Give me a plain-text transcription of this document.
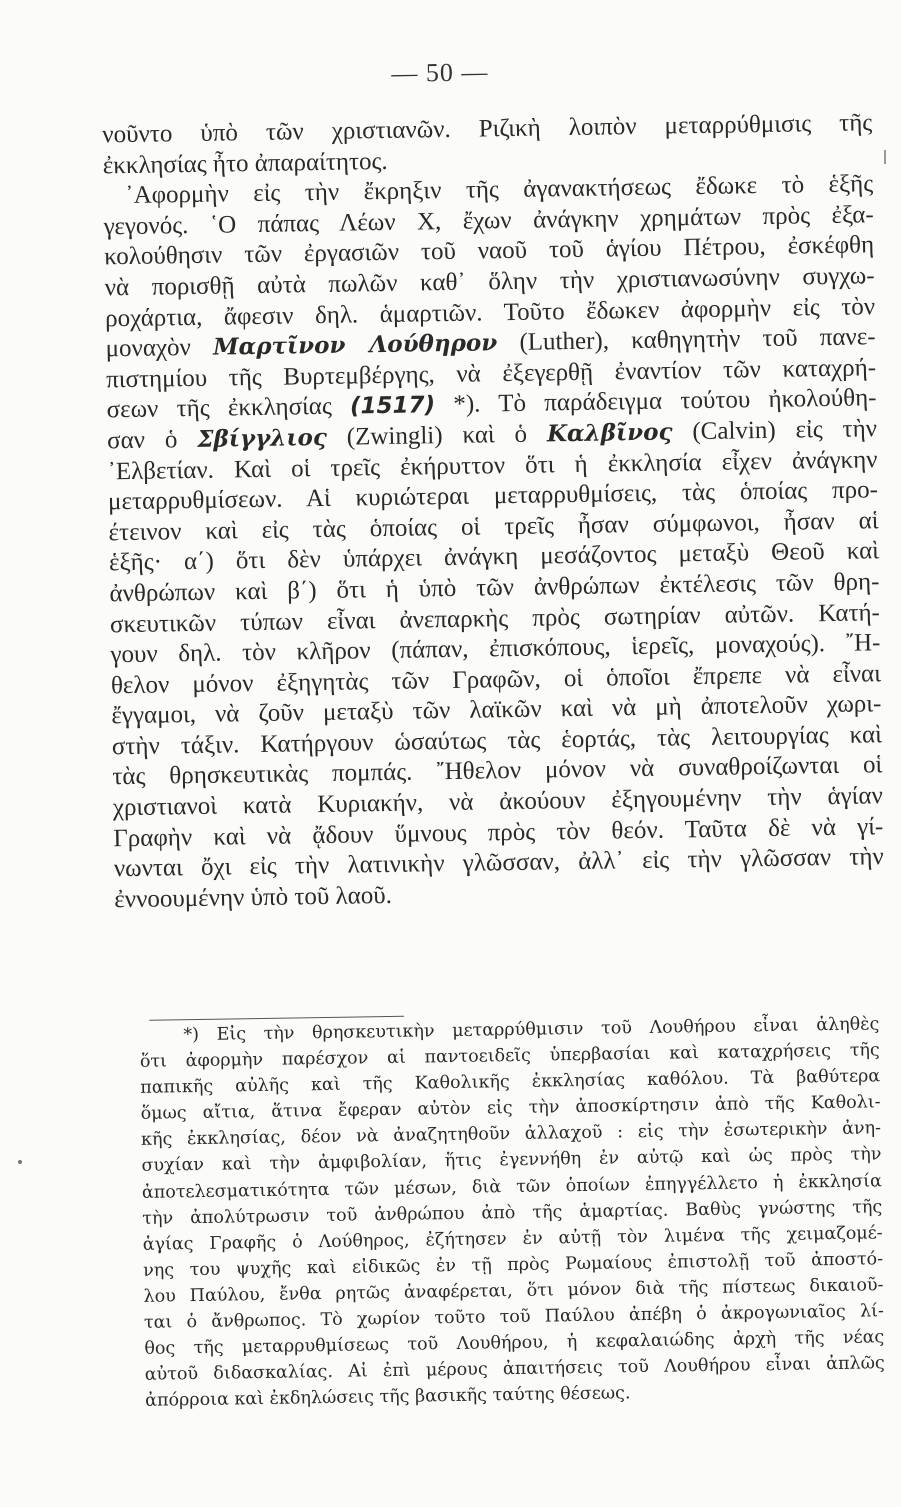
— 50 —
νοῦντο ὑπὸ τῶν χριστιανῶν. Ριζικὴ λοιπὸν μεταρρύθμισις τῆς
ἐκκλησίας ἦτο ἀπαραίτητος.
᾿Αφορμὴν εἰς τὴν ἔκρηξιν τῆς ἀγανακτήσεως ἔδωκε τὸ ἑξῆς
γεγονός. ῾Ο πάπας Λέων Χ, ἔχων ἀνάγκην χρημάτων πρὸς ἐξα-
κολούθησιν τῶν ἐργασιῶν τοῦ ναοῦ τοῦ ἁγίου Πέτρου, ἐσκέφθη
νὰ πορισθῇ αὐτὰ πωλῶν καθ᾿ ὅλην τὴν χριστιανωσύνην συγχω-
ροχάρτια, ἄφεσιν δηλ. ἁμαρτιῶν. Τοῦτο ἔδωκεν ἀφορμὴν εἰς τὸν
μοναχὸν Μαρτῖνον Λούθηρον (Luther), καθηγητὴν τοῦ πανε-
πιστημίου τῆς Βυρτεμβέργης, νὰ ἐξεγερθῇ ἐναντίον τῶν καταχρή-
σεων τῆς ἐκκλησίας (1517) *). Τὸ παράδειγμα τούτου ἠκολούθη-
σαν ὁ Σβίγγλιος (Zwingli) καὶ ὁ Καλβῖνος (Calvin) εἰς τὴν
᾿Ελβετίαν. Καὶ οἱ τρεῖς ἐκήρυττον ὅτι ἡ ἐκκλησία εἶχεν ἀνάγκην
μεταρρυθμίσεων. Αἱ κυριώτεραι μεταρρυθμίσεις, τὰς ὁποίας προ-
έτεινον καὶ εἰς τὰς ὁποίας οἱ τρεῖς ἦσαν σύμφωνοι, ἦσαν αἱ
ἑξῆς· α΄) ὅτι δὲν ὑπάρχει ἀνάγκη μεσάζοντος μεταξὺ Θεοῦ καὶ
ἀνθρώπων καὶ β΄) ὅτι ἡ ὑπὸ τῶν ἀνθρώπων ἐκτέλεσις τῶν θρη-
σκευτικῶν τύπων εἶναι ἀνεπαρκὴς πρὸς σωτηρίαν αὐτῶν. Κατή-
γουν δηλ. τὸν κλῆρον (πάπαν, ἐπισκόπους, ἱερεῖς, μοναχούς). ῎Η-
θελον μόνον ἐξηγητὰς τῶν Γραφῶν, οἱ ὁποῖοι ἔπρεπε νὰ εἶναι
ἔγγαμοι, νὰ ζοῦν μεταξὺ τῶν λαϊκῶν καὶ νὰ μὴ ἀποτελοῦν χωρι-
στὴν τάξιν. Κατήργουν ὡσαύτως τὰς ἑορτάς, τὰς λειτουργίας καὶ
τὰς θρησκευτικὰς πομπάς. ῎Ηθελον μόνον νὰ συναθροίζωνται οἱ
χριστιανοὶ κατὰ Κυριακήν, νὰ ἀκούουν ἐξηγουμένην τὴν ἁγίαν
Γραφὴν καὶ νὰ ᾄδουν ὕμνους πρὸς τὸν θεόν. Ταῦτα δὲ νὰ γί-
νωνται ὄχι εἰς τὴν λατινικὴν γλῶσσαν, ἀλλ᾿ εἰς τὴν γλῶσσαν τὴν
ἐννοουμένην ὑπὸ τοῦ λαοῦ.
*) Εἰς τὴν θρησκευτικὴν μεταρρύθμισιν τοῦ Λουθήρου εἶναι ἀληθὲς
ὅτι ἀφορμὴν παρέσχον αἱ παντοειδεῖς ὑπερβασίαι καὶ καταχρήσεις τῆς
παπικῆς αὐλῆς καὶ τῆς Καθολικῆς ἐκκλησίας καθόλου. Τὰ βαθύτερα
ὅμως αἴτια, ἅτινα ἔφεραν αὐτὸν εἰς τὴν ἀποσκίρτησιν ἀπὸ τῆς Καθολι-
κῆς ἐκκλησίας, δέον νὰ ἀναζητηθοῦν ἀλλαχοῦ : εἰς τὴν ἐσωτερικὴν ἀνη-
συχίαν καὶ τὴν ἀμφιβολίαν, ἥτις ἐγεννήθη ἐν αὐτῷ καὶ ὡς πρὸς τὴν
ἀποτελεσματικότητα τῶν μέσων, διὰ τῶν ὁποίων ἐπηγγέλλετο ἡ ἐκκλησία
τὴν ἀπολύτρωσιν τοῦ ἀνθρώπου ἀπὸ τῆς ἁμαρτίας. Βαθὺς γνώστης τῆς
ἁγίας Γραφῆς ὁ Λούθηρος, ἐζήτησεν ἐν αὐτῇ τὸν λιμένα τῆς χειμαζομέ-
νης του ψυχῆς καὶ εἰδικῶς ἐν τῇ πρὸς Ρωμαίους ἐπιστολῇ τοῦ ἀποστό-
λου Παύλου, ἔνθα ρητῶς ἀναφέρεται, ὅτι μόνον διὰ τῆς πίστεως δικαιοῦ-
ται ὁ ἄνθρωπος. Τὸ χωρίον τοῦτο τοῦ Παύλου ἀπέβη ὁ ἀκρογωνιαῖος λί-
θος τῆς μεταρρυθμίσεως τοῦ Λουθήρου, ἡ κεφαλαιώδης ἀρχὴ τῆς νέας
αὐτοῦ διδασκαλίας. Αἱ ἐπὶ μέρους ἀπαιτήσεις τοῦ Λουθήρου εἶναι ἀπλῶς
ἀπόρροια καὶ ἐκδηλώσεις τῆς βασικῆς ταύτης θέσεως.
